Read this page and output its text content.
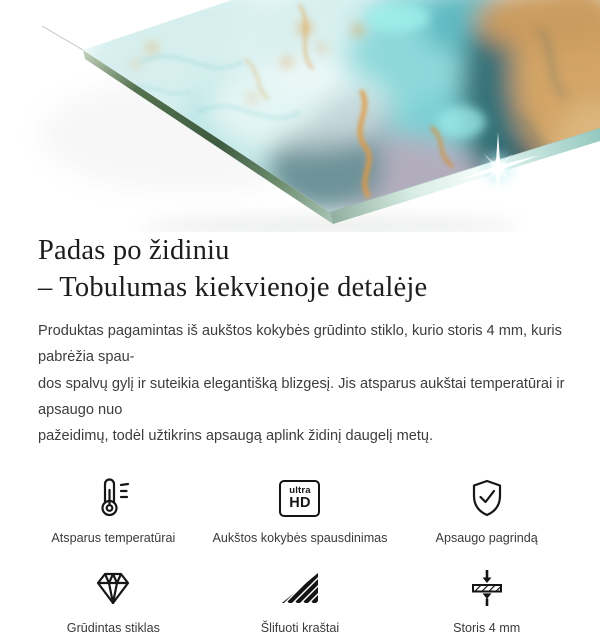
Padas po židiniu
– Tobulumas kiekvienoje detalėje
Produktas pagamintas iš aukštos kokybės grūdinto stiklo, kurio storis 4 mm, kuris pabrėžia spau-
dos spalvų gylį ir suteikia elegantišką blizgesį. Jis atsparus aukštai temperatūrai ir apsaugo nuo
pažeidimų, todėl užtikrins apsaugą aplink židinį daugelį metų.
Atsparus temperatūrai
ultra
HD
Aukštos kokybės spausdinimas	Apsaugo pagrindą
Grūdintas stiklas	Šlifuoti kraštai	Storis 4 mm
